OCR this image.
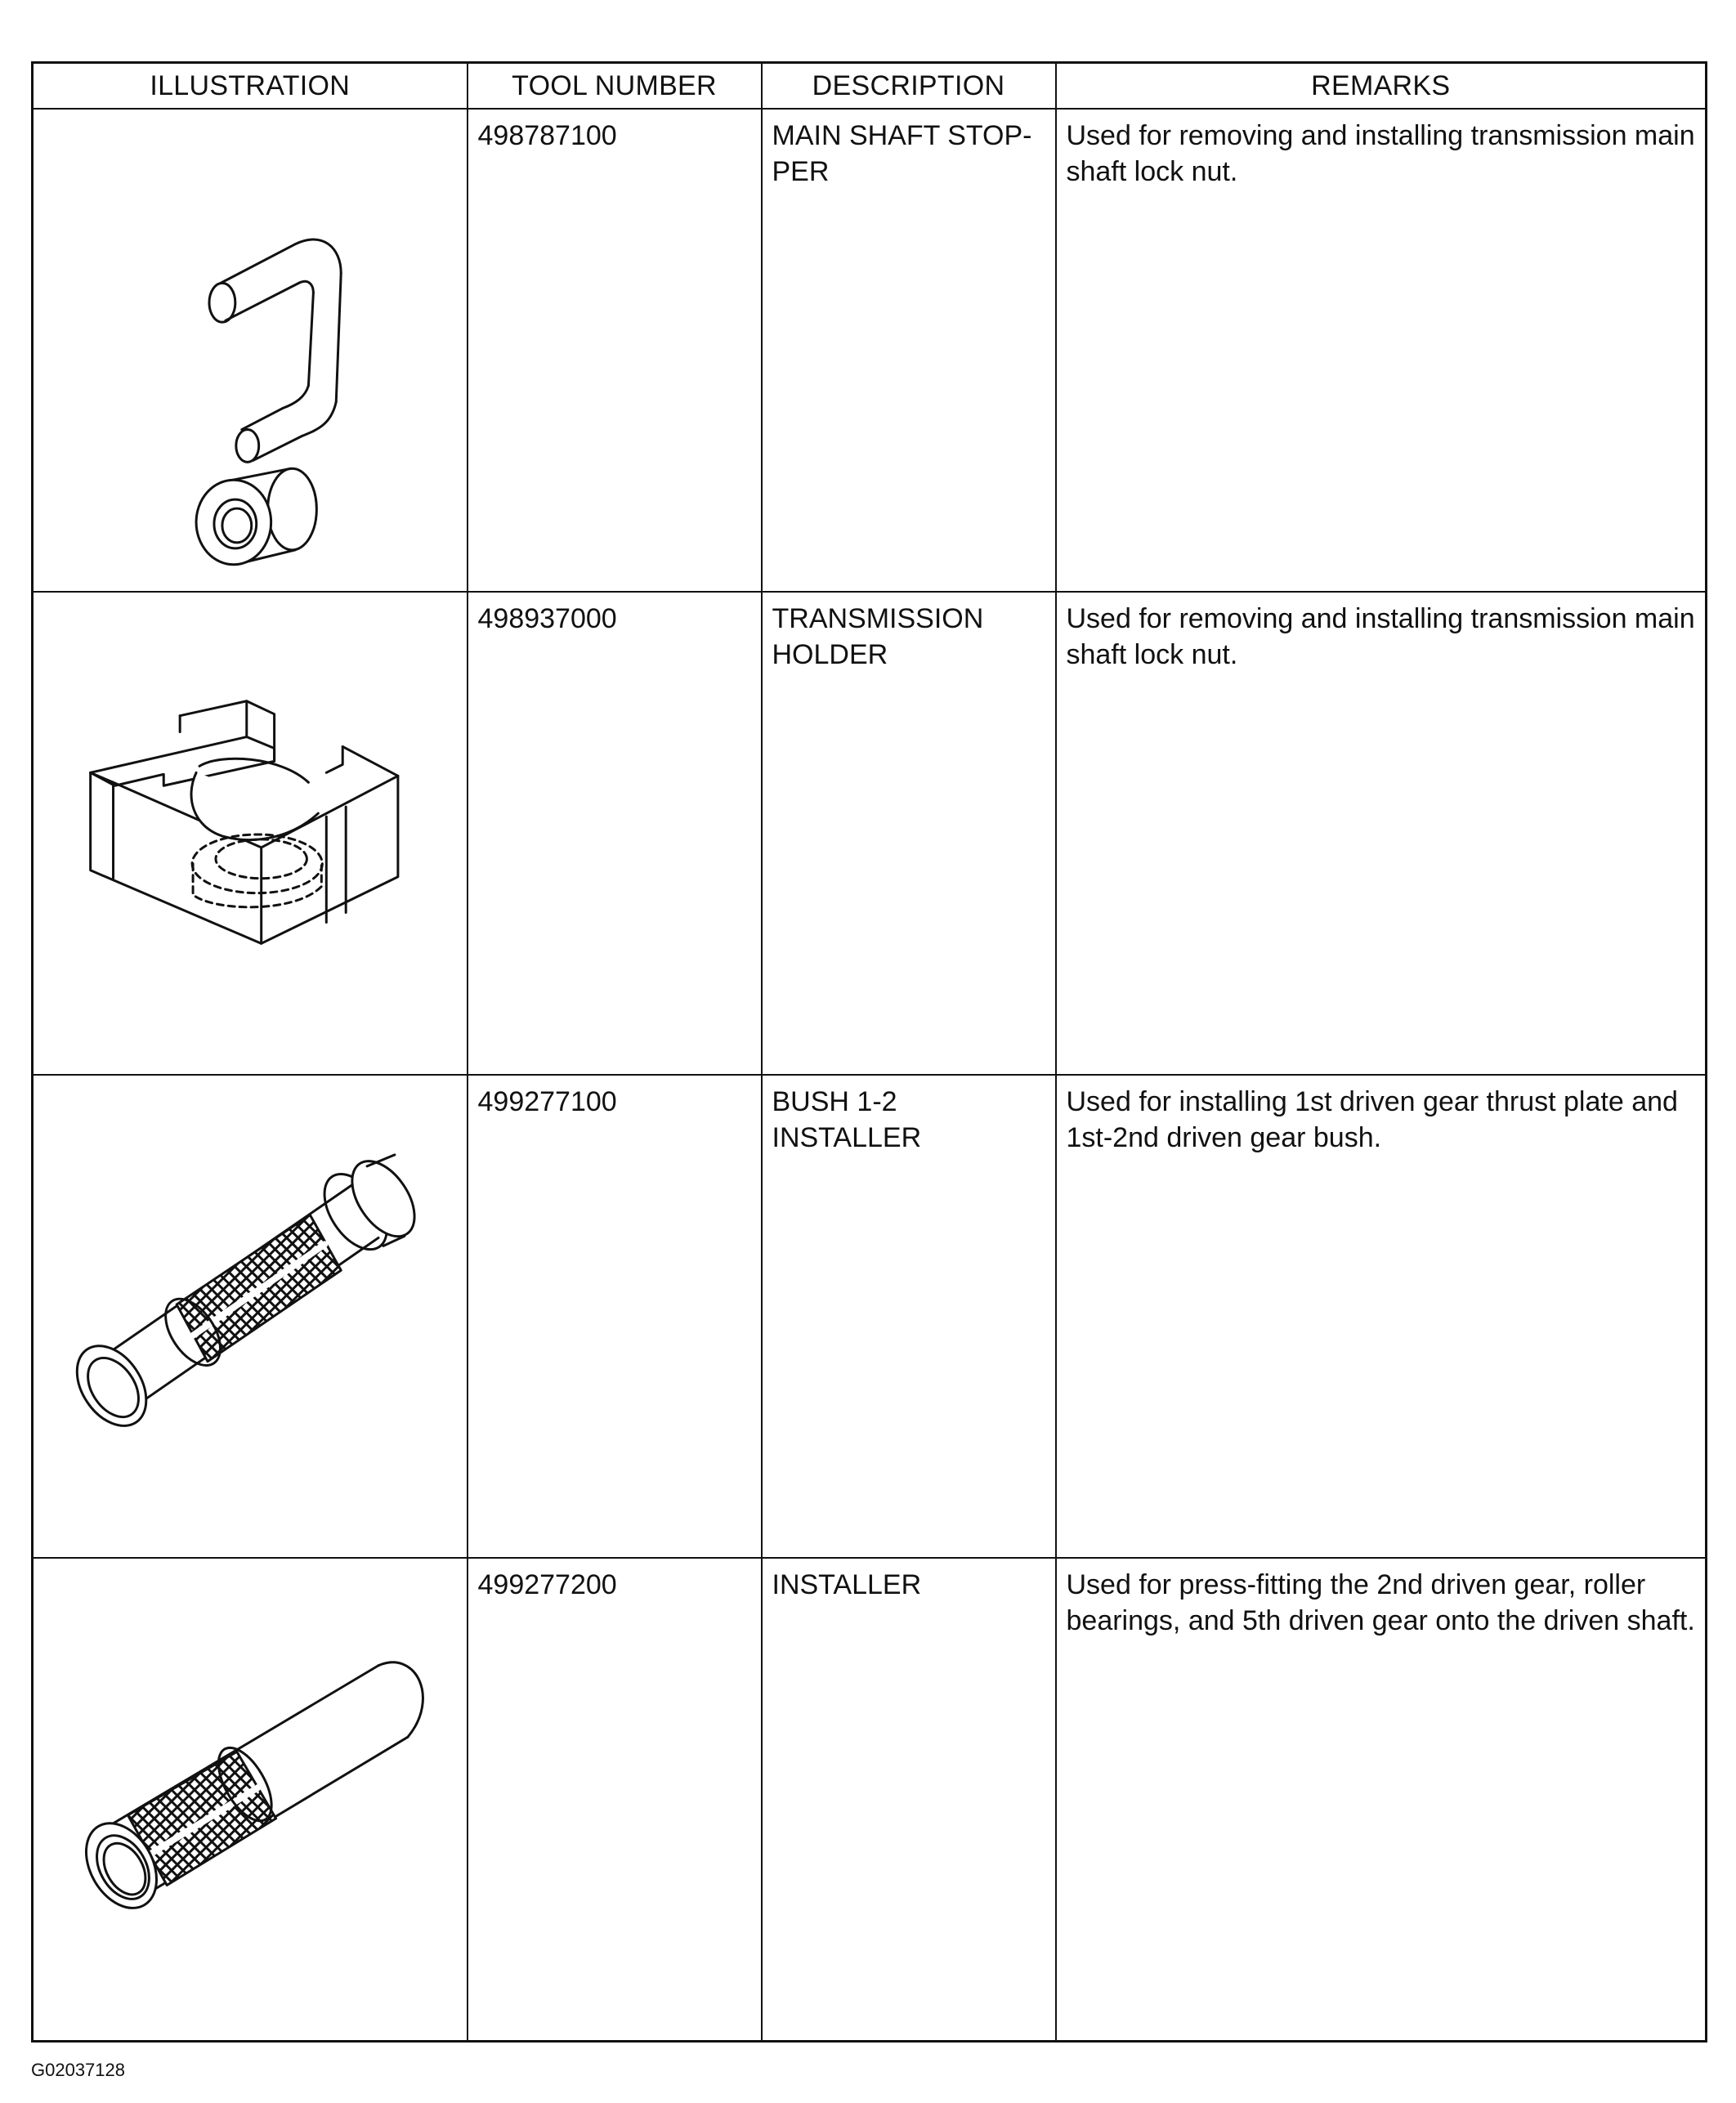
ILLUSTRATION	TOOL NUMBER	DESCRIPTION	REMARKS

	498787100	MAIN SHAFT STOP-PER	Used for removing and installing transmission main shaft lock nut.

	498937000	TRANSMISSION HOLDER	Used for removing and installing transmission main shaft lock nut.

	499277100	BUSH 1-2 INSTALLER	Used for installing 1st driven gear thrust plate and 1st-2nd driven gear bush.

	499277200	INSTALLER	Used for press-fitting the 2nd driven gear, roller bearings, and 5th driven gear onto the driven shaft.
G02037128
